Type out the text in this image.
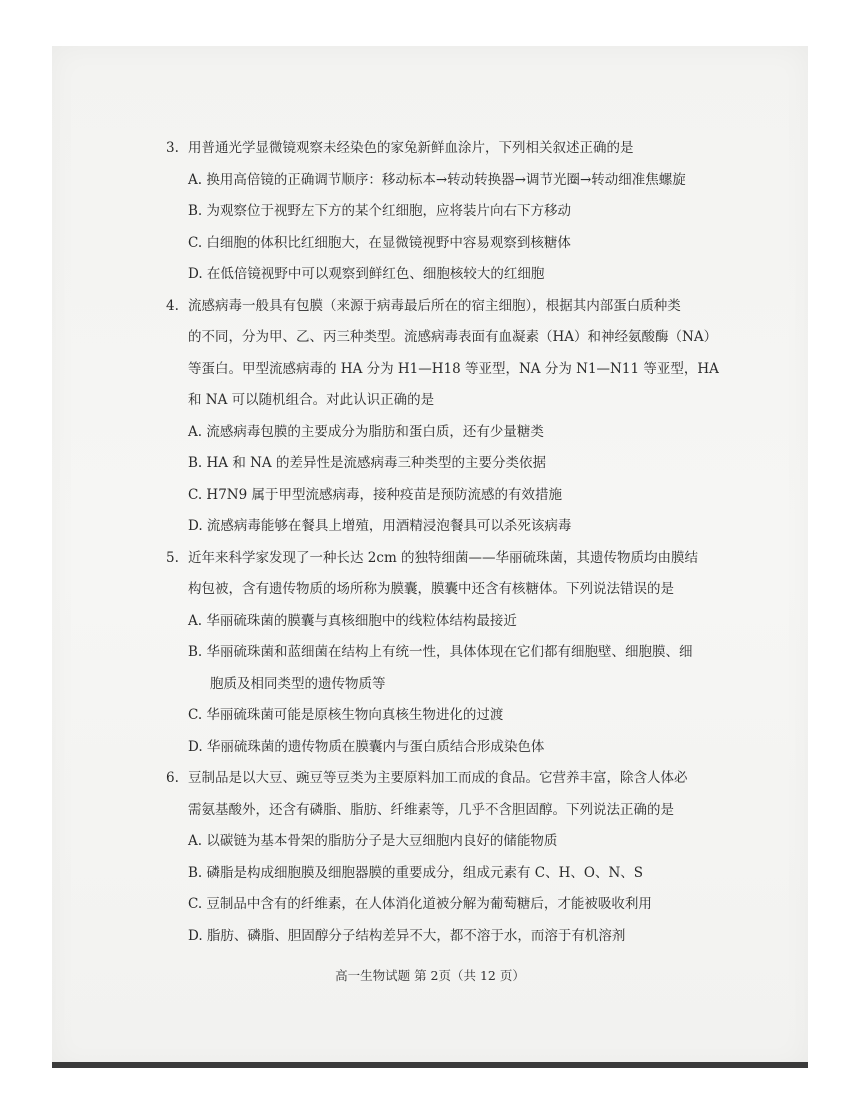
3. 用普通光学显微镜观察未经染色的家兔新鲜血涂片，下列相关叙述正确的是
A. 换用高倍镜的正确调节顺序：移动标本→转动转换器→调节光圈→转动细准焦螺旋
B. 为观察位于视野左下方的某个红细胞，应将装片向右下方移动
C. 白细胞的体积比红细胞大，在显微镜视野中容易观察到核糖体
D. 在低倍镜视野中可以观察到鲜红色、细胞核较大的红细胞
4. 流感病毒一般具有包膜（来源于病毒最后所在的宿主细胞），根据其内部蛋白质种类
的不同，分为甲、乙、丙三种类型。流感病毒表面有血凝素（HA）和神经氨酸酶（NA）
等蛋白。甲型流感病毒的 HA 分为 H1—H18 等亚型，NA 分为 N1—N11 等亚型，HA
和 NA 可以随机组合。对此认识正确的是
A. 流感病毒包膜的主要成分为脂肪和蛋白质，还有少量糖类
B. HA 和 NA 的差异性是流感病毒三种类型的主要分类依据
C. H7N9 属于甲型流感病毒，接种疫苗是预防流感的有效措施
D. 流感病毒能够在餐具上增殖，用酒精浸泡餐具可以杀死该病毒
5. 近年来科学家发现了一种长达 2cm 的独特细菌——华丽硫珠菌，其遗传物质均由膜结
构包被，含有遗传物质的场所称为膜囊，膜囊中还含有核糖体。下列说法错误的是
A. 华丽硫珠菌的膜囊与真核细胞中的线粒体结构最接近
B. 华丽硫珠菌和蓝细菌在结构上有统一性，具体体现在它们都有细胞壁、细胞膜、细
胞质及相同类型的遗传物质等
C. 华丽硫珠菌可能是原核生物向真核生物进化的过渡
D. 华丽硫珠菌的遗传物质在膜囊内与蛋白质结合形成染色体
6. 豆制品是以大豆、豌豆等豆类为主要原料加工而成的食品。它营养丰富，除含人体必
需氨基酸外，还含有磷脂、脂肪、纤维素等，几乎不含胆固醇。下列说法正确的是
A. 以碳链为基本骨架的脂肪分子是大豆细胞内良好的储能物质
B. 磷脂是构成细胞膜及细胞器膜的重要成分，组成元素有 C、H、O、N、S
C. 豆制品中含有的纤维素，在人体消化道被分解为葡萄糖后，才能被吸收利用
D. 脂肪、磷脂、胆固醇分子结构差异不大，都不溶于水，而溶于有机溶剂
高一生物试题 第 2页（共 12 页）
